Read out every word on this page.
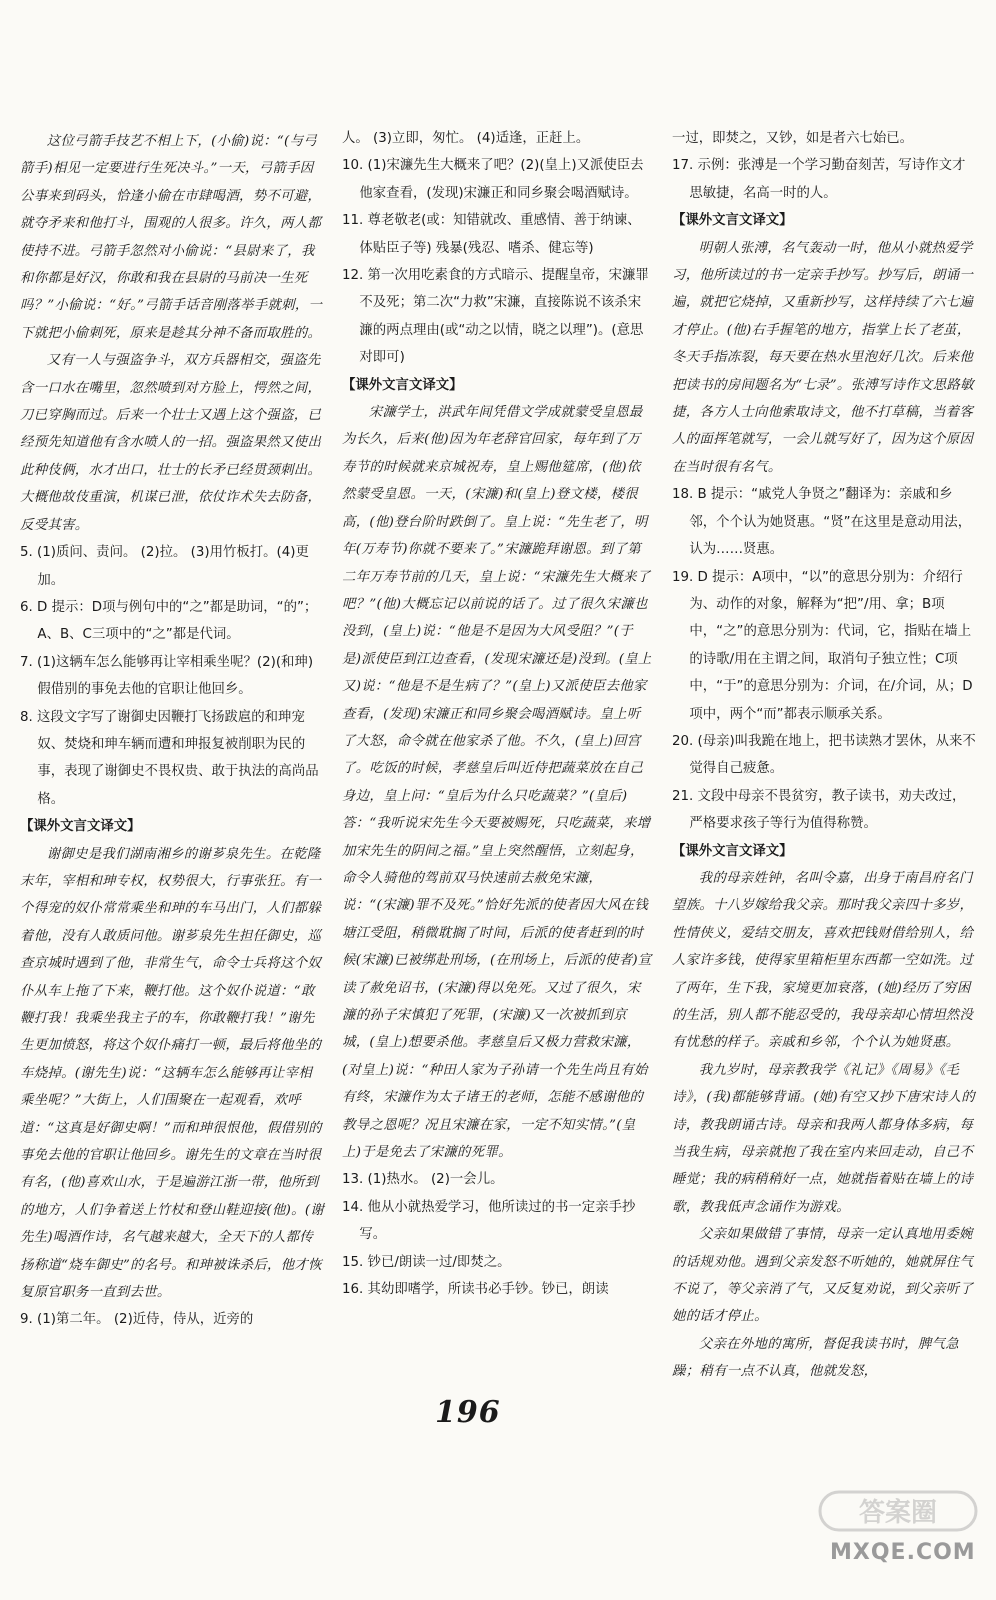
这位弓箭手技艺不相上下，(小偷)说：“(与弓箭手)相见一定要进行生死决斗。”一天，弓箭手因公事来到码头，恰逢小偷在市肆喝酒，势不可避，就夺矛来和他打斗，围观的人很多。许久，两人都使持不进。弓箭手忽然对小偷说：“县尉来了，我和你都是好汉，你敢和我在县尉的马前决一生死吗？”小偷说：“好。”弓箭手话音刚落举手就刺，一下就把小偷刺死，原来是趁其分神不备而取胜的。

又有一人与强盗争斗，双方兵器相交，强盗先含一口水在嘴里，忽然喷到对方脸上，愕然之间，刀已穿胸而过。后来一个壮士又遇上这个强盗，已经预先知道他有含水喷人的一招。强盗果然又使出此种伎俩，水才出口，壮士的长矛已经贯颈刺出。大概他故伎重演，机谋已泄，依仗诈术失去防备，反受其害。

5. (1)质问、责问。 (2)拉。 (3)用竹板打。(4)更加。

6. D 提示：D项与例句中的“之”都是助词，“的”；A、B、C三项中的“之”都是代词。

7. (1)这辆车怎么能够再让宰相乘坐呢？(2)(和珅)假借别的事免去他的官职让他回乡。

8. 这段文字写了谢御史因鞭打飞扬跋扈的和珅宠奴、焚烧和珅车辆而遭和珅报复被削职为民的事，表现了谢御史不畏权贵、敢于执法的高尚品格。

【课外文言文译文】

谢御史是我们湖南湘乡的谢芗泉先生。在乾隆末年，宰相和珅专权，权势很大，行事张狂。有一个得宠的奴仆常常乘坐和珅的车马出门，人们都躲着他，没有人敢质问他。谢芗泉先生担任御史，巡查京城时遇到了他，非常生气，命令士兵将这个奴仆从车上拖了下来，鞭打他。这个奴仆说道：“敢鞭打我！我乘坐我主子的车，你敢鞭打我！”谢先生更加愤怒，将这个奴仆痛打一顿，最后将他坐的车烧掉。(谢先生)说：“这辆车怎么能够再让宰相乘坐呢？”大街上，人们围聚在一起观看，欢呼道：“这真是好御史啊！”而和珅很恨他，假借别的事免去他的官职让他回乡。谢先生的文章在当时很有名，(他)喜欢山水，于是遍游江浙一带，他所到的地方，人们争着送上竹杖和登山鞋迎接(他)。(谢先生)喝酒作诗，名气越来越大，全天下的人都传扬称道“烧车御史”的名号。和珅被诛杀后，他才恢复原官职务一直到去世。

9. (1)第二年。 (2)近侍，侍从，近旁的

人。 (3)立即，匆忙。 (4)适逢，正赶上。

10. (1)宋濂先生大概来了吧？(2)(皇上)又派使臣去他家查看，(发现)宋濂正和同乡聚会喝酒赋诗。

11. 尊老敬老(或：知错就改、重感情、善于纳谏、体贴臣子等) 残暴(残忍、嗜杀、健忘等)

12. 第一次用吃素食的方式暗示、提醒皇帝，宋濂罪不及死；第二次“力救”宋濂，直接陈说不该杀宋濂的两点理由(或“动之以情，晓之以理”)。(意思对即可)

【课外文言文译文】

宋濂学士，洪武年间凭借文学成就蒙受皇恩最为长久，后来(他)因为年老辞官回家，每年到了万寿节的时候就来京城祝寿，皇上赐他筵席，(他)依然蒙受皇恩。一天，(宋濂)和(皇上)登文楼，楼很高，(他)登台阶时跌倒了。皇上说：“先生老了，明年(万寿节)你就不要来了。”宋濂跪拜谢恩。到了第二年万寿节前的几天，皇上说：“宋濂先生大概来了吧？”(他)大概忘记以前说的话了。过了很久宋濂也没到，(皇上)说：“他是不是因为大风受阻？”(于是)派使臣到江边查看，(发现宋濂还是)没到。(皇上又)说：“他是不是生病了？”(皇上)又派使臣去他家查看，(发现)宋濂正和同乡聚会喝酒赋诗。皇上听了大怒，命令就在他家杀了他。不久，(皇上)回宫了。吃饭的时候，孝慈皇后叫近侍把蔬菜放在自己身边，皇上问：“皇后为什么只吃蔬菜？”(皇后)答：“我听说宋先生今天要被赐死，只吃蔬菜，来增加宋先生的阴间之福。”皇上突然醒悟，立刻起身，命令人骑他的驾前双马快速前去赦免宋濂，说：“(宋濂)罪不及死。”恰好先派的使者因大风在钱塘江受阻，稍微耽搁了时间，后派的使者赶到的时候(宋濂)已被绑赴刑场，(在刑场上，后派的使者)宣读了赦免诏书，(宋濂)得以免死。又过了很久，宋濂的孙子宋慎犯了死罪，(宋濂)又一次被抓到京城，(皇上)想要杀他。孝慈皇后又极力营救宋濂，(对皇上)说：“种田人家为子孙请一个先生尚且有始有终，宋濂作为太子诸王的老师，怎能不感谢他的教导之恩呢？况且宋濂在家，一定不知实情。”(皇上)于是免去了宋濂的死罪。

13. (1)热水。 (2)一会儿。

14. 他从小就热爱学习，他所读过的书一定亲手抄写。

15. 钞已/朗读一过/即焚之。

16. 其幼即嗜学，所读书必手钞。钞已，朗读

一过，即焚之，又钞，如是者六七始已。

17. 示例：张溥是一个学习勤奋刻苦，写诗作文才思敏捷，名高一时的人。

【课外文言文译文】

明朝人张溥，名气轰动一时，他从小就热爱学习，他所读过的书一定亲手抄写。抄写后，朗诵一遍，就把它烧掉，又重新抄写，这样持续了六七遍才停止。(他)右手握笔的地方，指掌上长了老茧，冬天手指冻裂，每天要在热水里泡好几次。后来他把读书的房间题名为“七录”。张溥写诗作文思路敏捷，各方人士向他索取诗文，他不打草稿，当着客人的面挥笔就写，一会儿就写好了，因为这个原因在当时很有名气。

18. B 提示：“戚党人争贤之”翻译为：亲戚和乡邻，个个认为她贤惠。“贤”在这里是意动用法，认为……贤惠。

19. D 提示：A项中，“以”的意思分别为：介绍行为、动作的对象，解释为“把”/用、拿；B项中，“之”的意思分别为：代词，它，指贴在墙上的诗歌/用在主谓之间，取消句子独立性；C项中，“于”的意思分别为：介词，在/介词，从；D项中，两个“而”都表示顺承关系。

20. (母亲)叫我跪在地上，把书读熟才罢休，从来不觉得自己疲惫。

21. 文段中母亲不畏贫穷，教子读书，劝夫改过，严格要求孩子等行为值得称赞。

【课外文言文译文】

我的母亲姓钟，名叫令嘉，出身于南昌府名门望族。十八岁嫁给我父亲。那时我父亲四十多岁，性情侠义，爱结交朋友，喜欢把钱财借给别人，给人家许多钱，使得家里箱柜里东西都一空如洗。过了两年，生下我，家境更加衰落，(她)经历了穷困的生活，别人都不能忍受的，我母亲却心情坦然没有忧愁的样子。亲戚和乡邻，个个认为她贤惠。

我九岁时，母亲教我学《礼记》《周易》《毛诗》，(我)都能够背诵。(她)有空又抄下唐宋诗人的诗，教我朗诵古诗。母亲和我两人都身体多病，每当我生病，母亲就抱了我在室内来回走动，自己不睡觉；我的病稍稍好一点，她就指着贴在墙上的诗歌，教我低声念诵作为游戏。

父亲如果做错了事情，母亲一定认真地用委婉的话规劝他。遇到父亲发怒不听她的，她就屏住气不说了，等父亲消了气，又反复劝说，到父亲听了她的话才停止。

父亲在外地的寓所，督促我读书时，脾气急躁；稍有一点不认真，他就发怒，

196
答案圈
MXQE.COM
